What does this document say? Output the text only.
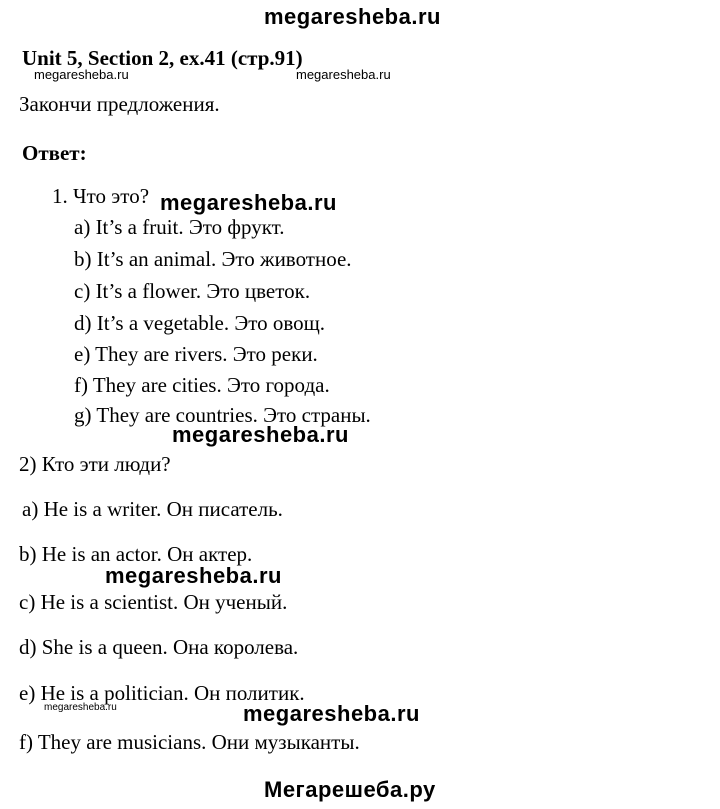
megaresheba.ru
Unit 5, Section 2, ex.41 (стр.91)
megaresheba.ru	megaresheba.ru
Закончи предложения.
Ответ:
1. Что это? megaresheba.ru
a) It’s a fruit. Это фрукт.
b) It’s an animal. Это животное.
c) It’s a flower. Это цветок.
d) It’s a vegetable. Это овощ.
e) They are rivers. Это реки.
f) They are cities. Это города.
g) They are countries. Это страны.
megaresheba.ru
2) Кто эти люди?
a) He is a writer. Он писатель.
b) He is an actor. Он актер.
megaresheba.ru
c) He is a scientist. Он ученый.
d) She is a queen. Она королева.
e) He is a politician. Он политик.
megaresheba.ru	megaresheba.ru
f) They are musicians. Они музыканты.
Мегарешеба.ру
